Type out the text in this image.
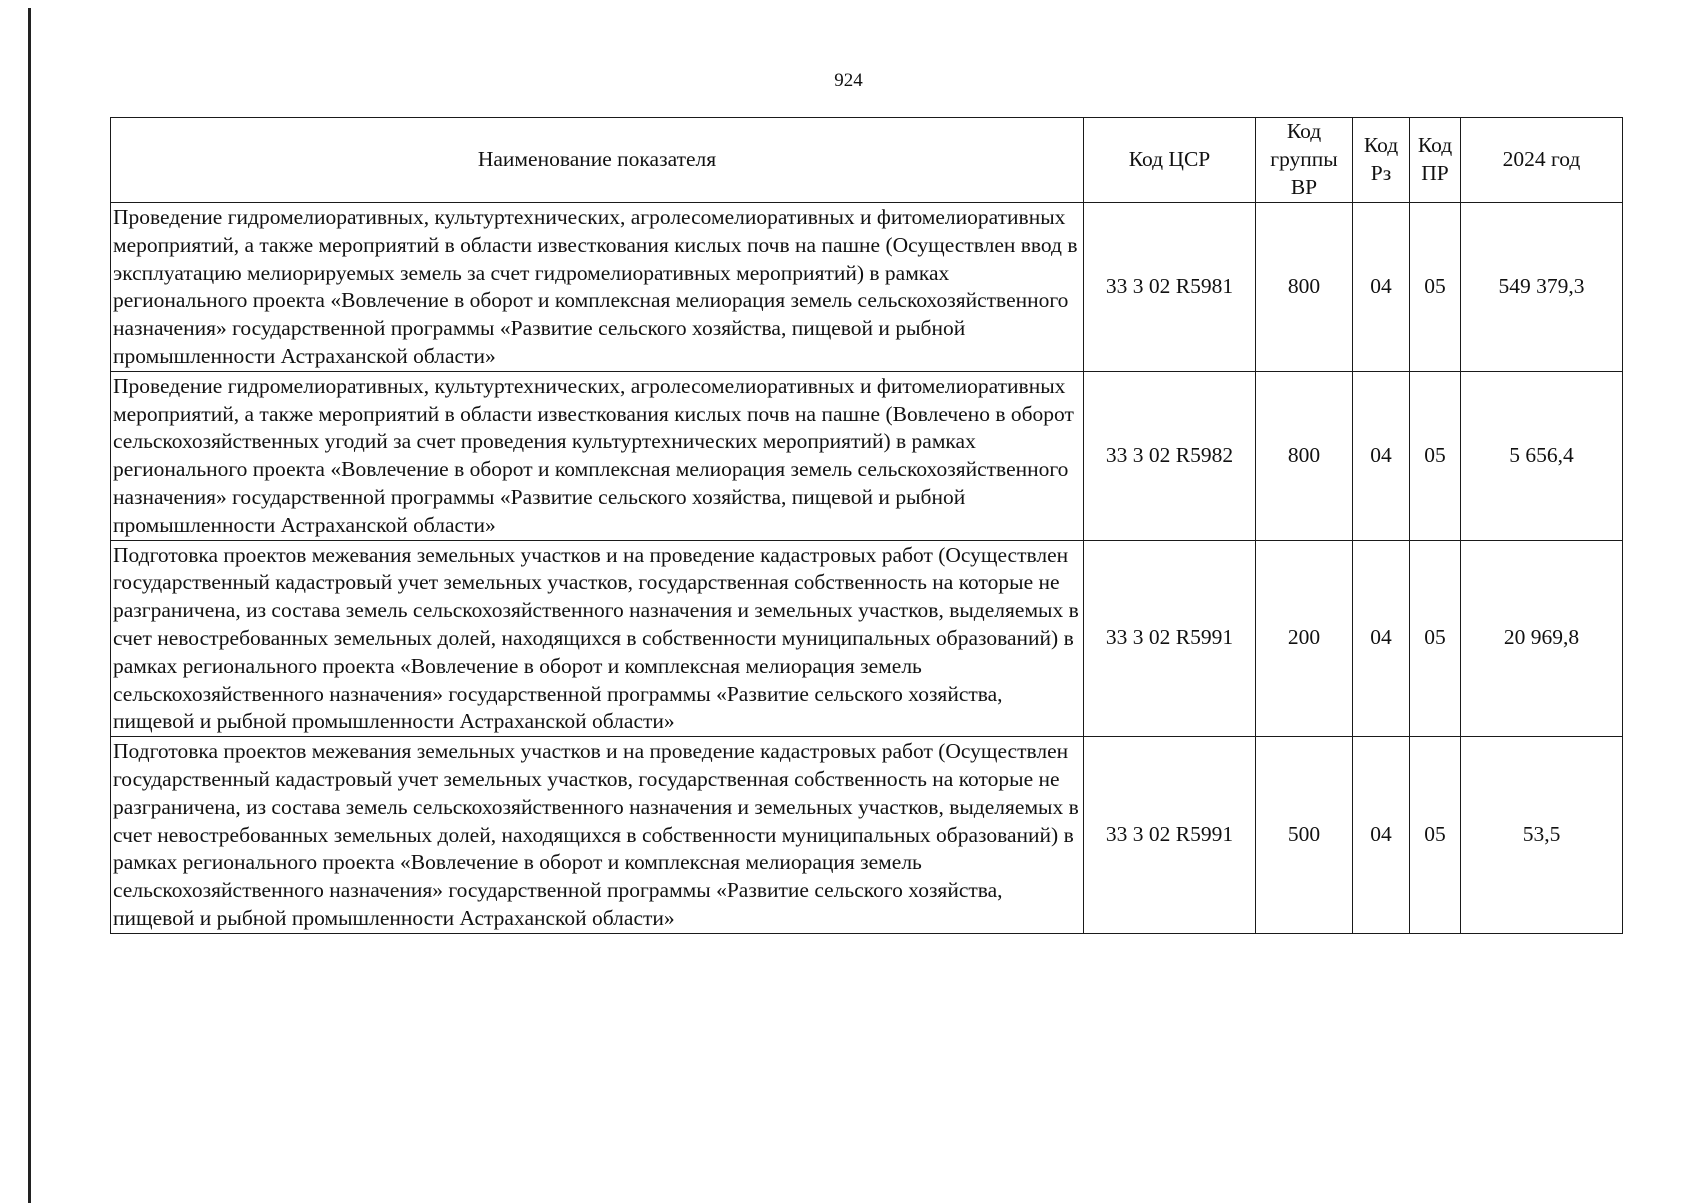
924
Наименование показателя	Код ЦСР	Код группы ВР	Код Рз	Код ПР	2024 год
Проведение гидромелиоративных, культуртехнических, агролесомелиоративных и фитомелиоративных мероприятий, а также мероприятий в области известкования кислых почв на пашне (Осуществлен ввод в эксплуатацию мелиорируемых земель за счет гидромелиоративных мероприятий) в рамках регионального проекта «Вовлечение в оборот и комплексная мелиорация земель сельскохозяйственного назначения» государственной программы «Развитие сельского хозяйства, пищевой и рыбной промышленности Астраханской области»	33 3 02 R5981	800	04	05	549 379,3
Проведение гидромелиоративных, культуртехнических, агролесомелиоративных и фитомелиоративных мероприятий, а также мероприятий в области известкования кислых почв на пашне (Вовлечено в оборот сельскохозяйственных угодий за счет проведения культуртехнических мероприятий) в рамках регионального проекта «Вовлечение в оборот и комплексная мелиорация земель сельскохозяйственного назначения» государственной программы «Развитие сельского хозяйства, пищевой и рыбной промышленности Астраханской области»	33 3 02 R5982	800	04	05	5 656,4
Подготовка проектов межевания земельных участков и на проведение кадастровых работ (Осуществлен государственный кадастровый учет земельных участков, государственная собственность на которые не разграничена, из состава земель сельскохозяйственного назначения и земельных участков, выделяемых в счет невостребованных земельных долей, находящихся в собственности муниципальных образований) в рамках регионального проекта «Вовлечение в оборот и комплексная мелиорация земель сельскохозяйственного назначения» государственной программы «Развитие сельского хозяйства, пищевой и рыбной промышленности Астраханской области»	33 3 02 R5991	200	04	05	20 969,8
Подготовка проектов межевания земельных участков и на проведение кадастровых работ (Осуществлен государственный кадастровый учет земельных участков, государственная собственность на которые не разграничена, из состава земель сельскохозяйственного назначения и земельных участков, выделяемых в счет невостребованных земельных долей, находящихся в собственности муниципальных образований) в рамках регионального проекта «Вовлечение в оборот и комплексная мелиорация земель сельскохозяйственного назначения» государственной программы «Развитие сельского хозяйства, пищевой и рыбной промышленности Астраханской области»	33 3 02 R5991	500	04	05	53,5
